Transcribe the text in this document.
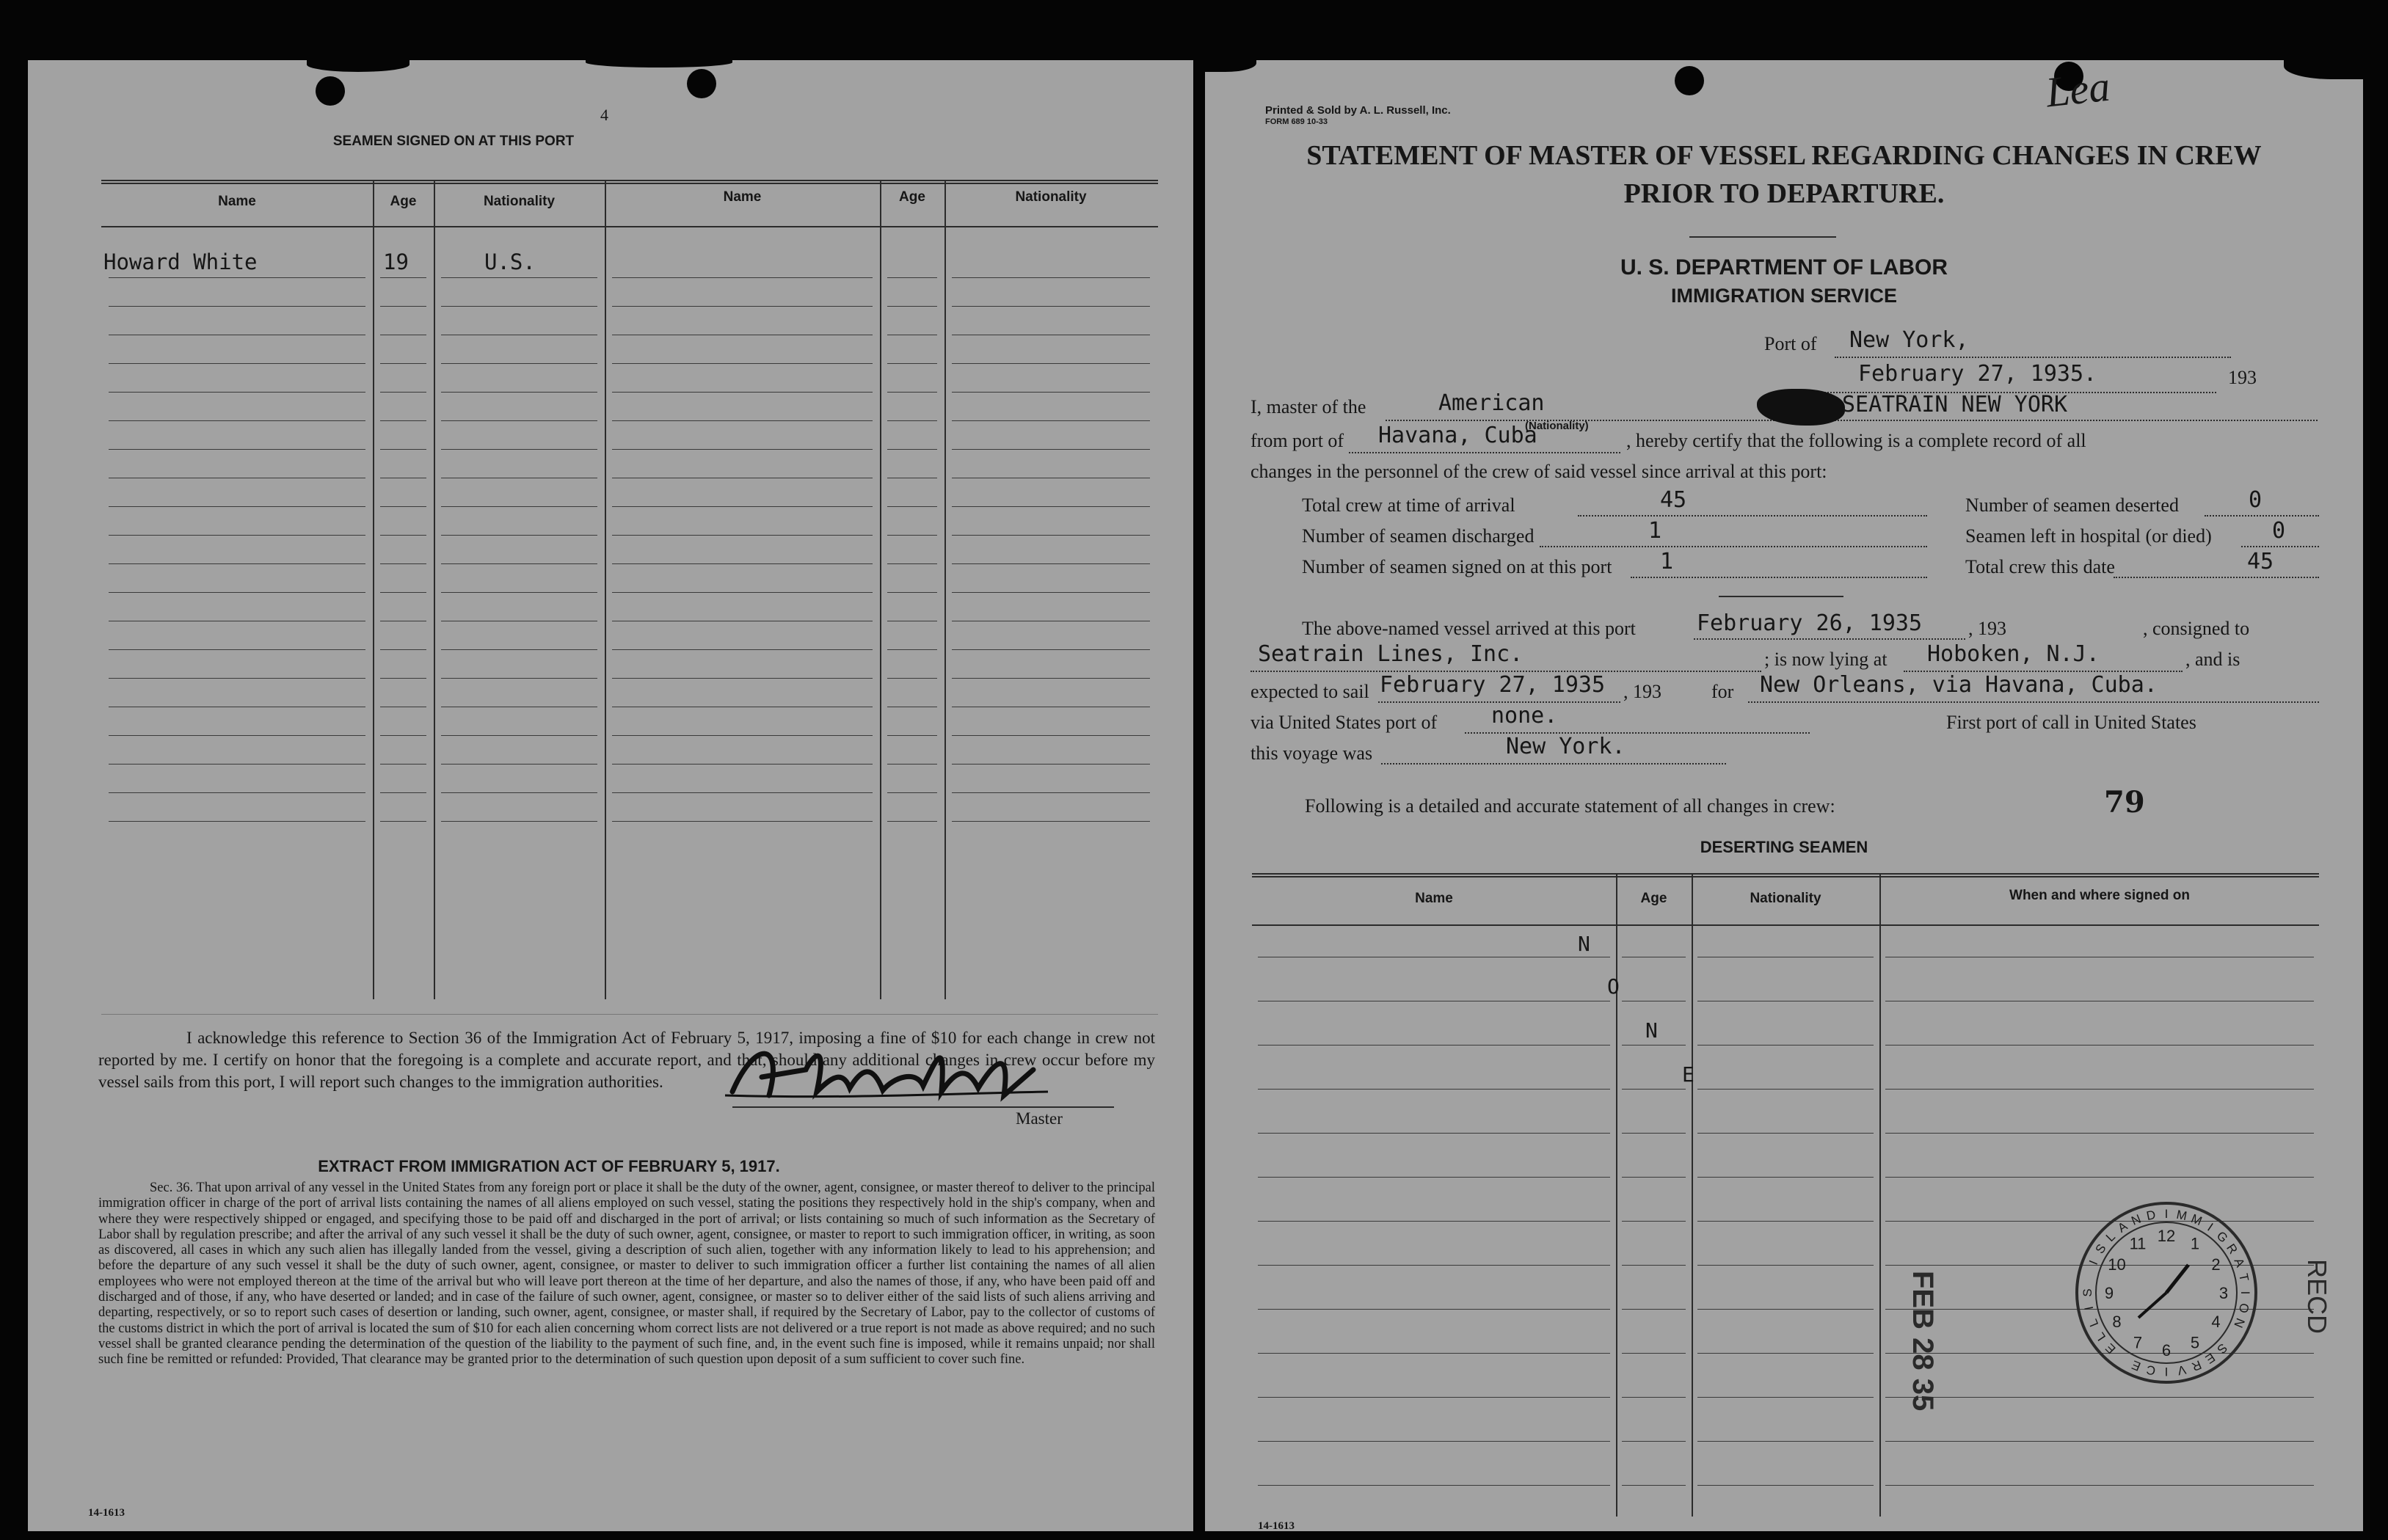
4
SEAMEN SIGNED ON AT THIS PORT
Name	Age	Nationality	Name	Age	Nationality
Howard White	19	U.S.
I acknowledge this reference to Section 36 of the Immigration Act of February 5, 1917, imposing a fine of $10 for each change in crew not reported by me. I certify on honor that the foregoing is a complete and accurate report, and that, should any additional changes in crew occur before my vessel sails from this port, I will report such changes to the immigration authorities.
Master
EXTRACT FROM IMMIGRATION ACT OF FEBRUARY 5, 1917.
Sec. 36. That upon arrival of any vessel in the United States from any foreign port or place it shall be the duty of the owner, agent, consignee, or master thereof to deliver to the principal immigration officer in charge of the port of arrival lists containing the names of all aliens employed on such vessel, stating the positions they respectively hold in the ship's company, when and where they were respectively shipped or engaged, and specifying those to be paid off and discharged in the port of arrival; or lists containing so much of such information as the Secretary of Labor shall by regulation prescribe; and after the arrival of any such vessel it shall be the duty of such owner, agent, consignee, or master to report to such immigration officer, in writing, as soon as discovered, all cases in which any such alien has illegally landed from the vessel, giving a description of such alien, together with any information likely to lead to his apprehension; and before the departure of any such vessel it shall be the duty of such owner, agent, consignee, or master to deliver to such immigration officer a further list containing the names of all alien employees who were not employed thereon at the time of the arrival but who will leave port thereon at the time of her departure, and also the names of those, if any, who have been paid off and discharged and of those, if any, who have deserted or landed; and in case of the failure of such owner, agent, consignee, or master so to deliver either of the said lists of such aliens arriving and departing, respectively, or so to report such cases of desertion or landing, such owner, agent, consignee, or master shall, if required by the Secretary of Labor, pay to the collector of customs of the customs district in which the port of arrival is located the sum of $10 for each alien concerning whom correct lists are not delivered or a true report is not made as above required; and no such vessel shall be granted clearance pending the determination of the question of the liability to the payment of such fine, and, in the event such fine is imposed, while it remains unpaid; nor shall such fine be remitted or refunded: Provided, That clearance may be granted prior to the determination of such question upon deposit of a sum sufficient to cover such fine.
14-1613
Printed & Sold by A. L. Russell, Inc.
FORM 689 10-33
Lea
STATEMENT OF MASTER OF VESSEL REGARDING CHANGES IN CREW
PRIOR TO DEPARTURE.
U. S. DEPARTMENT OF LABOR
IMMIGRATION SERVICE
Port of New York,
February 27, 1935.	193
I, master of the	American
(Nationality)
SEATRAIN NEW YORK
from port of Havana, Cuba	, hereby certify that the following is a complete record of all
changes in the personnel of the crew of said vessel since arrival at this port:
Total crew at time of arrival	45
Number of seamen discharged	1
Number of seamen signed on at this port 1
Number of seamen deserted	0
Seamen left in hospital (or died)	0
Total crew this date	45
The above-named vessel arrived at this port	February 26, 1935 , 193	, consigned to
Seatrain Lines, Inc.	; is now lying at Hoboken, N.J.	, and is
expected to sail February 27, 1935 , 193	for New Orleans, via Havana, Cuba.
via United States port of none.	First port of call in United States
this voyage was	New York.
Following is a detailed and accurate statement of all changes in crew:	79
DESERTING SEAMEN
Name	Age	Nationality	When and where signed on
N
O
N
E
FEB 28 35	RECD
I M M I
G
R
A
T
I
O
N
S
E
R
V
I
C
E
E
L
L
I
S
I
S
L
A N D
12 1
2
3
4
5
6
7
8
9
10
11
14-1613
